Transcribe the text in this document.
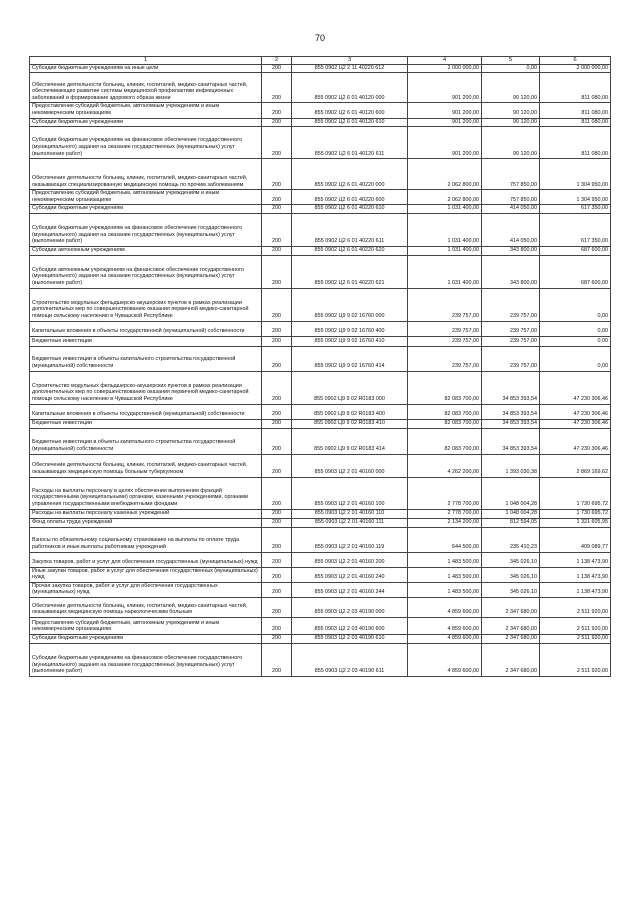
70
1	2	3	4	5	6
Субсидии бюджетным учреждениям на иные цели	200	855 0902 Ц2 2 11 40220 612	2 000 000,00	0,00	2 000 000,00
Обеспечение деятельности больниц, клиник, госпиталей, медико-санитарных частей, обеспечивающих развитие системы медицинской профилактики инфекционных заболеваний и формирование здорового образа жизни	200	855 0902 Ц2 6 01 40120 000	901 200,00	90 120,00	811 080,00
Предоставление субсидий бюджетным, автономным учреждениям и иным некоммерческим организациям	200	855 0902 Ц2 6 01 40120 600	901 200,00	90 120,00	811 080,00
Субсидии бюджетным учреждениям	200	855 0902 Ц2 6 01 40120 610	901 200,00	90 120,00	811 080,00
Субсидии бюджетным учреждениям на финансовое обеспечение государственного (муниципального) задания на оказание государственных (муниципальных) услуг (выполнение работ)	200	855 0902 Ц2 6 01 40120 611	901 200,00	90 120,00	811 080,00
Обеспечение деятельности больниц, клиник, госпиталей, медико-санитарных частей, оказывающих специализированную медицинскую помощь по прочим заболеваниям	200	855 0902 Ц2 6 01 40220 000	2 062 800,00	757 850,00	1 304 950,00
Предоставление субсидий бюджетным, автономным учреждениям и иным некоммерческим организациям	200	855 0902 Ц2 6 01 40220 600	2 062 800,00	757 850,00	1 304 950,00
Субсидии бюджетным учреждениям	200	855 0902 Ц2 6 01 40220 610	1 031 400,00	414 050,00	617 350,00
Субсидии бюджетным учреждениям на финансовое обеспечение государственного (муниципального) задания на оказание государственных (муниципальных) услуг (выполнение работ)	200	855 0902 Ц2 6 01 40220 611	1 031 400,00	414 050,00	617 350,00
Субсидии автономным учреждениям	200	855 0902 Ц2 6 01 40220 620	1 031 400,00	343 800,00	687 600,00
Субсидии автономным учреждениям на финансовое обеспечение государственного (муниципального) задания на оказание государственных (муниципальных) услуг (выполнение работ)	200	855 0902 Ц2 6 01 40220 621	1 031 400,00	343 800,00	687 600,00
Строительство модульных фельдшерско-акушерских пунктов в рамках реализации дополнительных мер по совершенствованию оказания первичной медико-санитарной помощи сельскому населению в Чувашской Республике	200	855 0902 Ц9 9 02 16760 000	239 757,00	239 757,00	0,00
Капитальные вложения в объекты государственной (муниципальной) собственности	200	855 0902 Ц9 9 02 16760 400	239 757,00	239 757,00	0,00
Бюджетные инвестиции	200	855 0902 Ц9 9 02 16760 410	239 757,00	239 757,00	0,00
Бюджетные инвестиции в объекты капитального строительства государственной (муниципальной) собственности	200	855 0902 Ц9 9 02 16760 414	239 757,00	239 757,00	0,00
Строительство модульных фельдшерско-акушерских пунктов в рамках реализации дополнительных мер по совершенствованию оказания первичной медико-санитарной помощи сельскому населению в Чувашской Республике	200	855 0902 Ц9 9 02 R0183 000	82 083 700,00	34 853 393,54	47 230 306,46
Капитальные вложения в объекты государственной (муниципальной) собственности	200	855 0902 Ц9 9 02 R0183 400	82 083 700,00	34 853 393,54	47 230 306,46
Бюджетные инвестиции	200	855 0902 Ц9 9 02 R0183 410	82 083 700,00	34 853 393,54	47 230 306,46
Бюджетные инвестиции в объекты капитального строительства государственной (муниципальной) собственности	200	855 0902 Ц9 9 02 R0183 414	82 083 700,00	34 853 393,54	47 230 306,46
Обеспечение деятельности больниц, клиник, госпиталей, медико-санитарных частей, оказывающих медицинскую помощь больным туберкулезом	200	855 0903 Ц2 2 01 40160 000	4 262 200,00	1 393 030,38	2 869 169,62
Расходы на выплаты персоналу в целях обеспечения выполнения функций государственными (муниципальными) органами, казенными учреждениями, органами управления государственными внебюджетными фондами	200	855 0903 Ц2 2 01 40160 100	2 778 700,00	1 048 004,28	1 730 695,72
Расходы на выплаты персоналу казенных учреждений	200	855 0903 Ц2 2 01 40160 110	2 778 700,00	1 048 004,28	1 730 695,72
Фонд оплаты труда учреждений	200	855 0903 Ц2 2 01 40160 111	2 134 200,00	812 594,05	1 321 605,95
Взносы по обязательному социальному страхованию на выплаты по оплате труда работников и иные выплаты работникам учреждений	200	855 0903 Ц2 2 01 40160 119	644 500,00	235 410,23	409 089,77
Закупка товаров, работ и услуг для обеспечения государственных (муниципальных) нужд	200	855 0903 Ц2 2 01 40160 200	1 483 500,00	345 026,10	1 138 473,90
Иные закупки товаров, работ и услуг для обеспечения государственных (муниципальных) нужд	200	855 0903 Ц2 2 01 40160 240	1 483 500,00	345 026,10	1 138 473,90
Прочая закупка товаров, работ и услуг для обеспечения государственных (муниципальных) нужд	200	855 0903 Ц2 2 01 40160 244	1 483 500,00	345 026,10	1 138 473,90
Обеспечение деятельности больниц, клиник, госпиталей, медико-санитарных частей, оказывающих медицинскую помощь наркологическим больным	200	855 0903 Ц2 2 03 40190 000	4 859 600,00	2 347 680,00	2 511 920,00
Предоставление субсидий бюджетным, автономным учреждениям и иным некоммерческим организациям	200	855 0903 Ц2 2 03 40190 600	4 859 600,00	2 347 680,00	2 511 920,00
Субсидии бюджетным учреждениям	200	855 0903 Ц2 2 03 40190 610	4 859 600,00	2 347 680,00	2 511 920,00
Субсидии бюджетным учреждениям на финансовое обеспечение государственного (муниципального) задания на оказание государственных (муниципальных) услуг (выполнение работ)	200	855 0903 Ц2 2 03 40190 611	4 859 600,00	2 347 680,00	2 511 920,00
